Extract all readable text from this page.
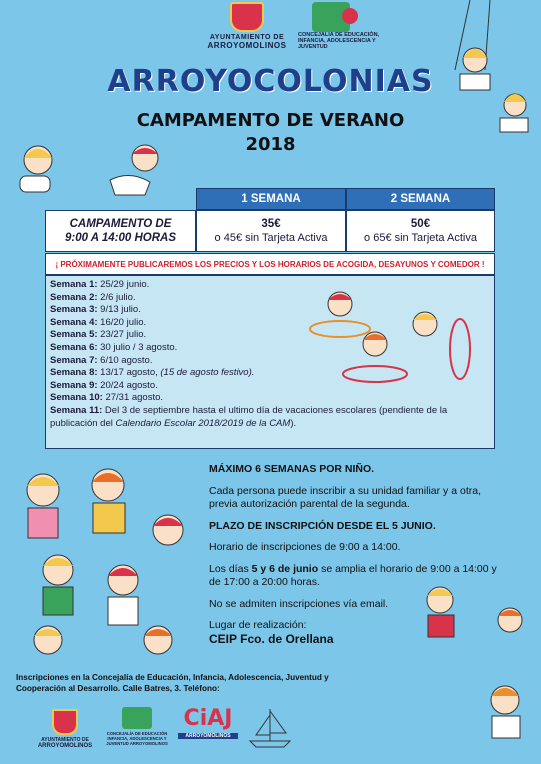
AYUNTAMIENTO DE
ARROYOMOLINOS
CONCEJALÍA DE EDUCACIÓN, INFANCIA, ADOLESCENCIA Y JUVENTUD
ARROYOCOLONIAS
CAMPAMENTO DE VERANO
2018
1 SEMANA	2 SEMANA
CAMPAMENTO DE
9:00 A 14:00 HORAS
35€
o 45€ sin Tarjeta Activa
50€
o 65€ sin Tarjeta Activa
¡ PRÓXIMAMENTE PUBLICAREMOS LOS PRECIOS Y LOS HORARIOS DE ACOGIDA, DESAYUNOS Y COMEDOR !
Semana 1: 25/29 junio.
Semana 2: 2/6 julio.
Semana 3: 9/13 julio.
Semana 4: 16/20 julio.
Semana 5: 23/27 julio.
Semana 6: 30 julio / 3 agosto.
Semana 7: 6/10 agosto.
Semana 8: 13/17 agosto, (15 de agosto festivo).
Semana 9: 20/24 agosto.
Semana 10: 27/31 agosto.
Semana 11: Del 3 de septiembre hasta el ultimo día de vacaciones escolares (pendiente de la publicación del Calendario Escolar 2018/2019 de la CAM).

MÁXIMO 6 SEMANAS POR NIÑO.

Cada persona puede inscribir a su unidad familiar y a otra, previa autorización parental de la segunda.

PLAZO DE INSCRIPCIÓN DESDE EL 5 JUNIO.

Horario de inscripciones de 9:00 a 14:00.

Los días 5 y 6 de junio se amplia el horario de 9:00 a 14:00 y de 17:00 a 20:00 horas.

No se admiten inscripciones vía email.

Lugar de realización:

CEIP Fco. de Orellana

Inscripciones en la Concejalía de Educación, Infancia, Adolescencia, Juventud y Cooperación al Desarrollo. Calle Batres, 3. Teléfono:
AYUNTAMIENTO DE
ARROYOMOLINOS
CONCEJALÍA DE EDUCACIÓN INFANCIA, ADOLESCENCIA Y JUVENTUD ARROYOMOLINOS
CiAJ
ARROYOMOLINOS
